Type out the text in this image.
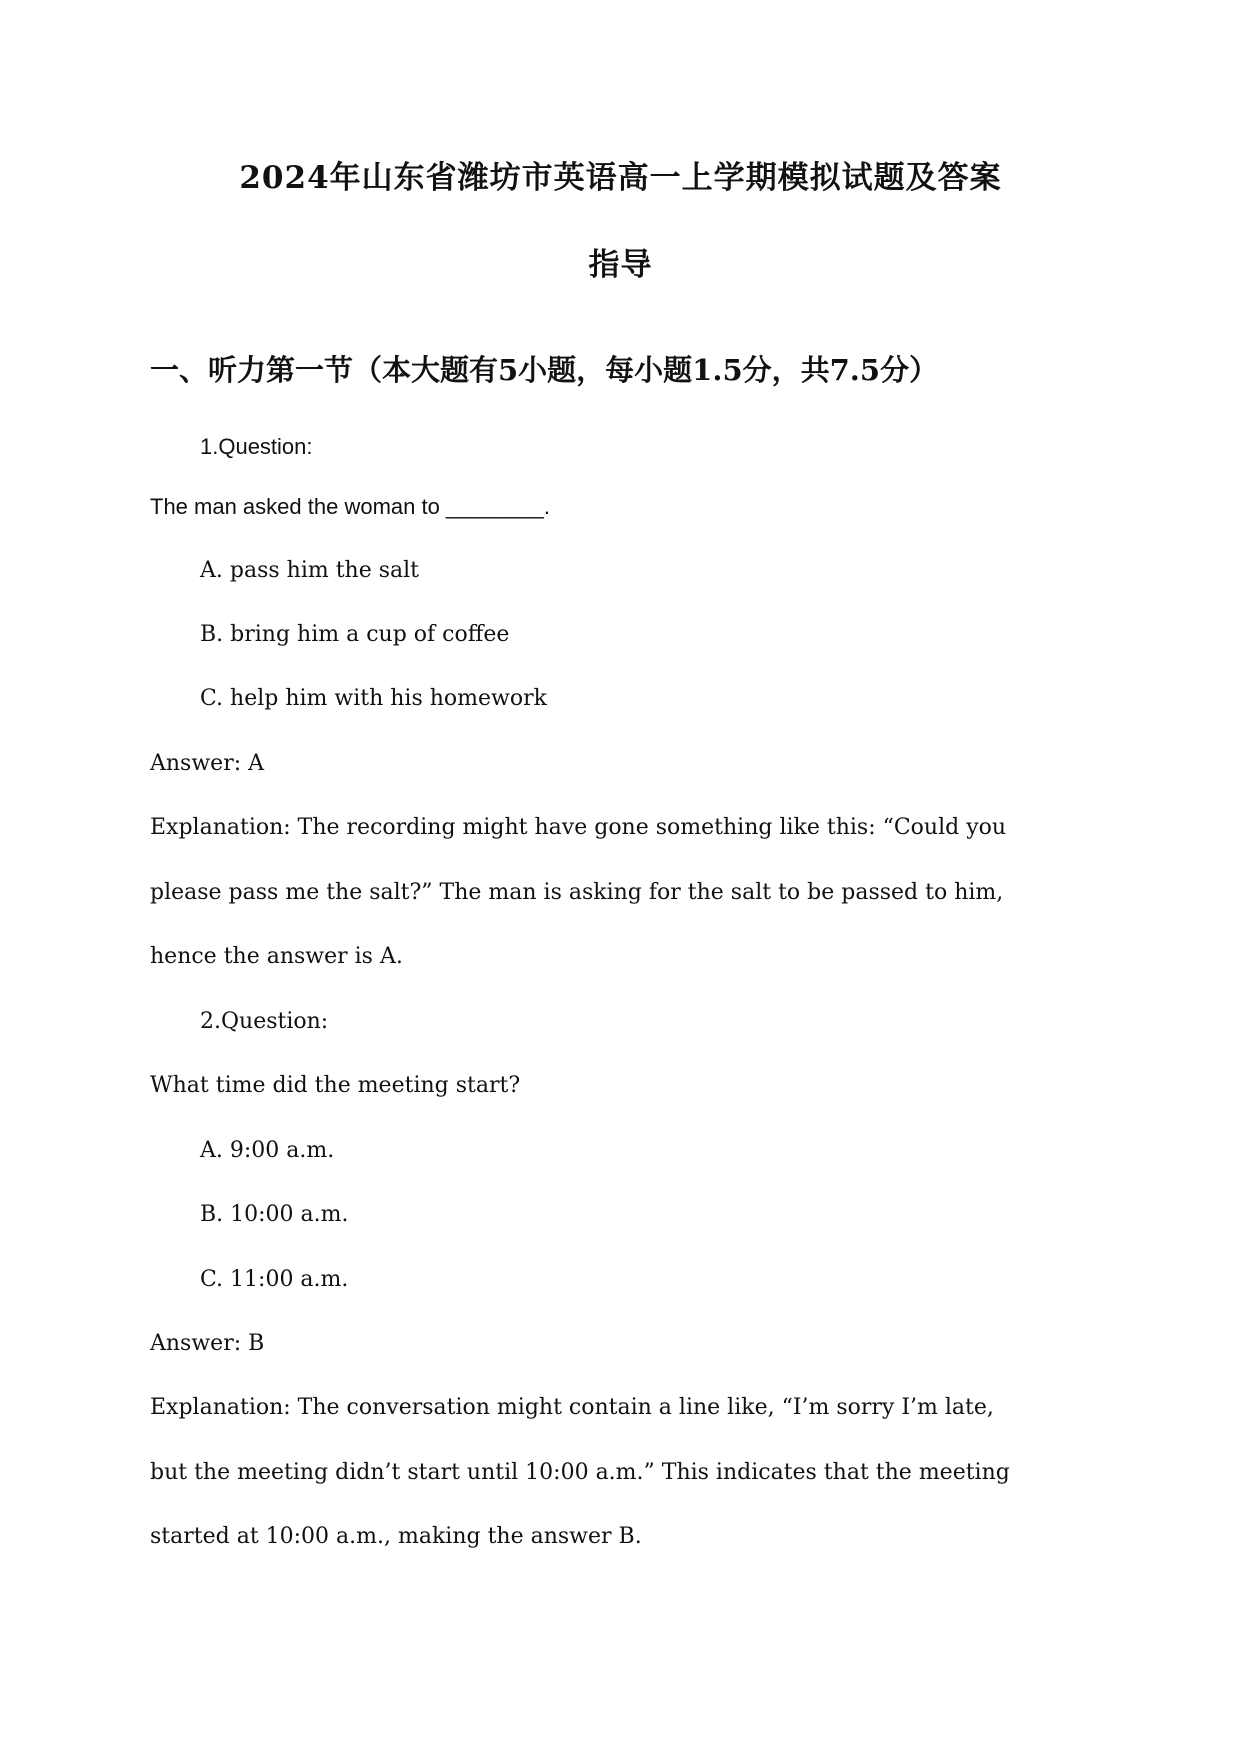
2024年山东省潍坊市英语高一上学期模拟试题及答案
指导
一、听力第一节（本大题有5小题，每小题1.5分，共7.5分）
1.Question:
The man asked the woman to ________.
A. pass him the salt
B. bring him a cup of coffee
C. help him with his homework
Answer: A
Explanation: The recording might have gone something like this: “Could you
please pass me the salt?” The man is asking for the salt to be passed to him,
hence the answer is A.
2.Question:
What time did the meeting start?
A. 9:00 a.m.
B. 10:00 a.m.
C. 11:00 a.m.
Answer: B
Explanation: The conversation might contain a line like, “I’m sorry I’m late,
but the meeting didn’t start until 10:00 a.m.” This indicates that the meeting
started at 10:00 a.m., making the answer B.
